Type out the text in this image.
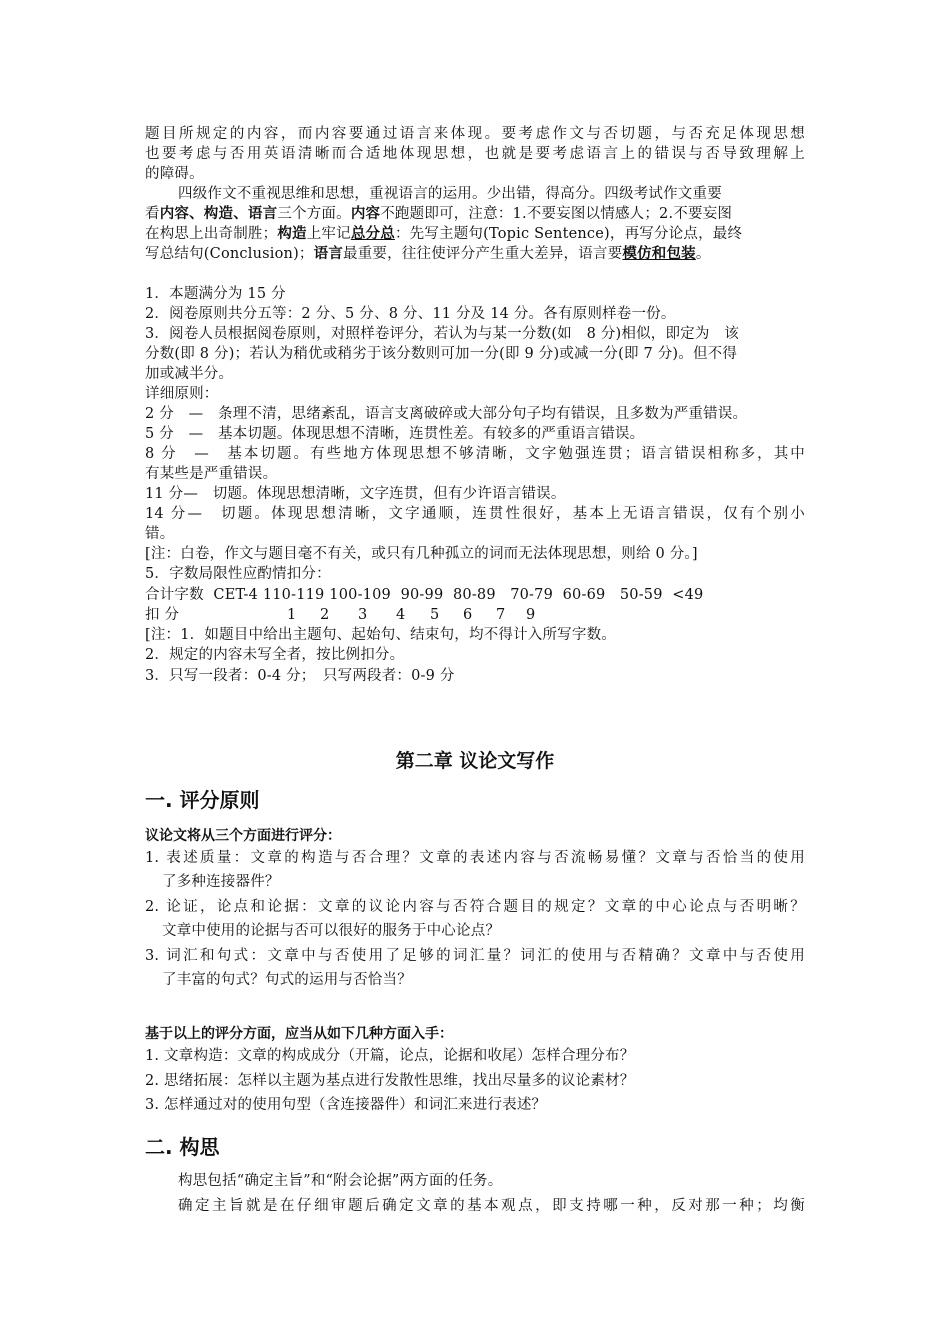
题目所规定的内容，而内容要通过语言来体现。要考虑作文与否切题，与否充足体现思想
也要考虑与否用英语清晰而合适地体现思想，也就是要考虑语言上的错误与否导致理解上
的障碍。
四级作文不重视思维和思想，重视语言的运用。少出错，得高分。四级考试作文重要
看内容、构造、语言三个方面。内容不跑题即可，注意：1.不要妄图以情感人；2.不要妄图
在构思上出奇制胜；构造上牢记总分总：先写主题句(Topic Sentence)，再写分论点，最终
写总结句(Conclusion)；语言最重要，往往使评分产生重大差异，语言要模仿和包装。
1．本题满分为 15 分
2．阅卷原则共分五等：2 分、5 分、8 分、11 分及 14 分。各有原则样卷一份。
3．阅卷人员根据阅卷原则，对照样卷评分，若认为与某一分数(如　8 分)相似，即定为　该
分数(即 8 分)；若认为稍优或稍劣于该分数则可加一分(即 9 分)或减一分(即 7 分)。但不得
加或减半分。
详细原则：
2 分　—　条理不清，思绪紊乱，语言支离破碎或大部分句子均有错误，且多数为严重错误。
5 分　—　基本切题。体现思想不清晰，连贯性差。有较多的严重语言错误。
8 分　—　基本切题。有些地方体现思想不够清晰，文字勉强连贯；语言错误相称多，其中
有某些是严重错误。
11 分—　切题。体现思想清晰，文字连贯，但有少许语言错误。
14 分—　切题。体现思想清晰，文字通顺，连贯性很好，基本上无语言错误，仅有个别小
错。
[注：白卷，作文与题目毫不有关，或只有几种孤立的词而无法体现思想，则给 0 分。]
5．字数局限性应酌情扣分：
合计字数  CET-4 110-119 100-109  90-99  80-89   70-79  60-69   50-59  <49
扣 分	1 2 3 4 5 6 7 9
[注：1．如题目中给出主题句、起始句、结束句，均不得计入所写字数。
2．规定的内容未写全者，按比例扣分。
3．只写一段者：0-4 分；　只写两段者：0-9 分
第二章 议论文写作
一. 评分原则
议论文将从三个方面进行评分：
1. 表述质量：文章的构造与否合理？文章的表述内容与否流畅易懂？文章与否恰当的使用
了多种连接器件？
2. 论证，论点和论据：文章的议论内容与否符合题目的规定？文章的中心论点与否明晰？
文章中使用的论据与否可以很好的服务于中心论点？
3. 词汇和句式：文章中与否使用了足够的词汇量？词汇的使用与否精确？文章中与否使用
了丰富的句式？句式的运用与否恰当？
基于以上的评分方面，应当从如下几种方面入手：
1. 文章构造：文章的构成成分（开篇，论点，论据和收尾）怎样合理分布？
2. 思绪拓展：怎样以主题为基点进行发散性思维，找出尽量多的议论素材？
3. 怎样通过对的使用句型（含连接器件）和词汇来进行表述？
二. 构思
构思包括“确定主旨”和“附会论据”两方面的任务。
确定主旨就是在仔细审题后确定文章的基本观点，即支持哪一种，反对那一种；均衡
